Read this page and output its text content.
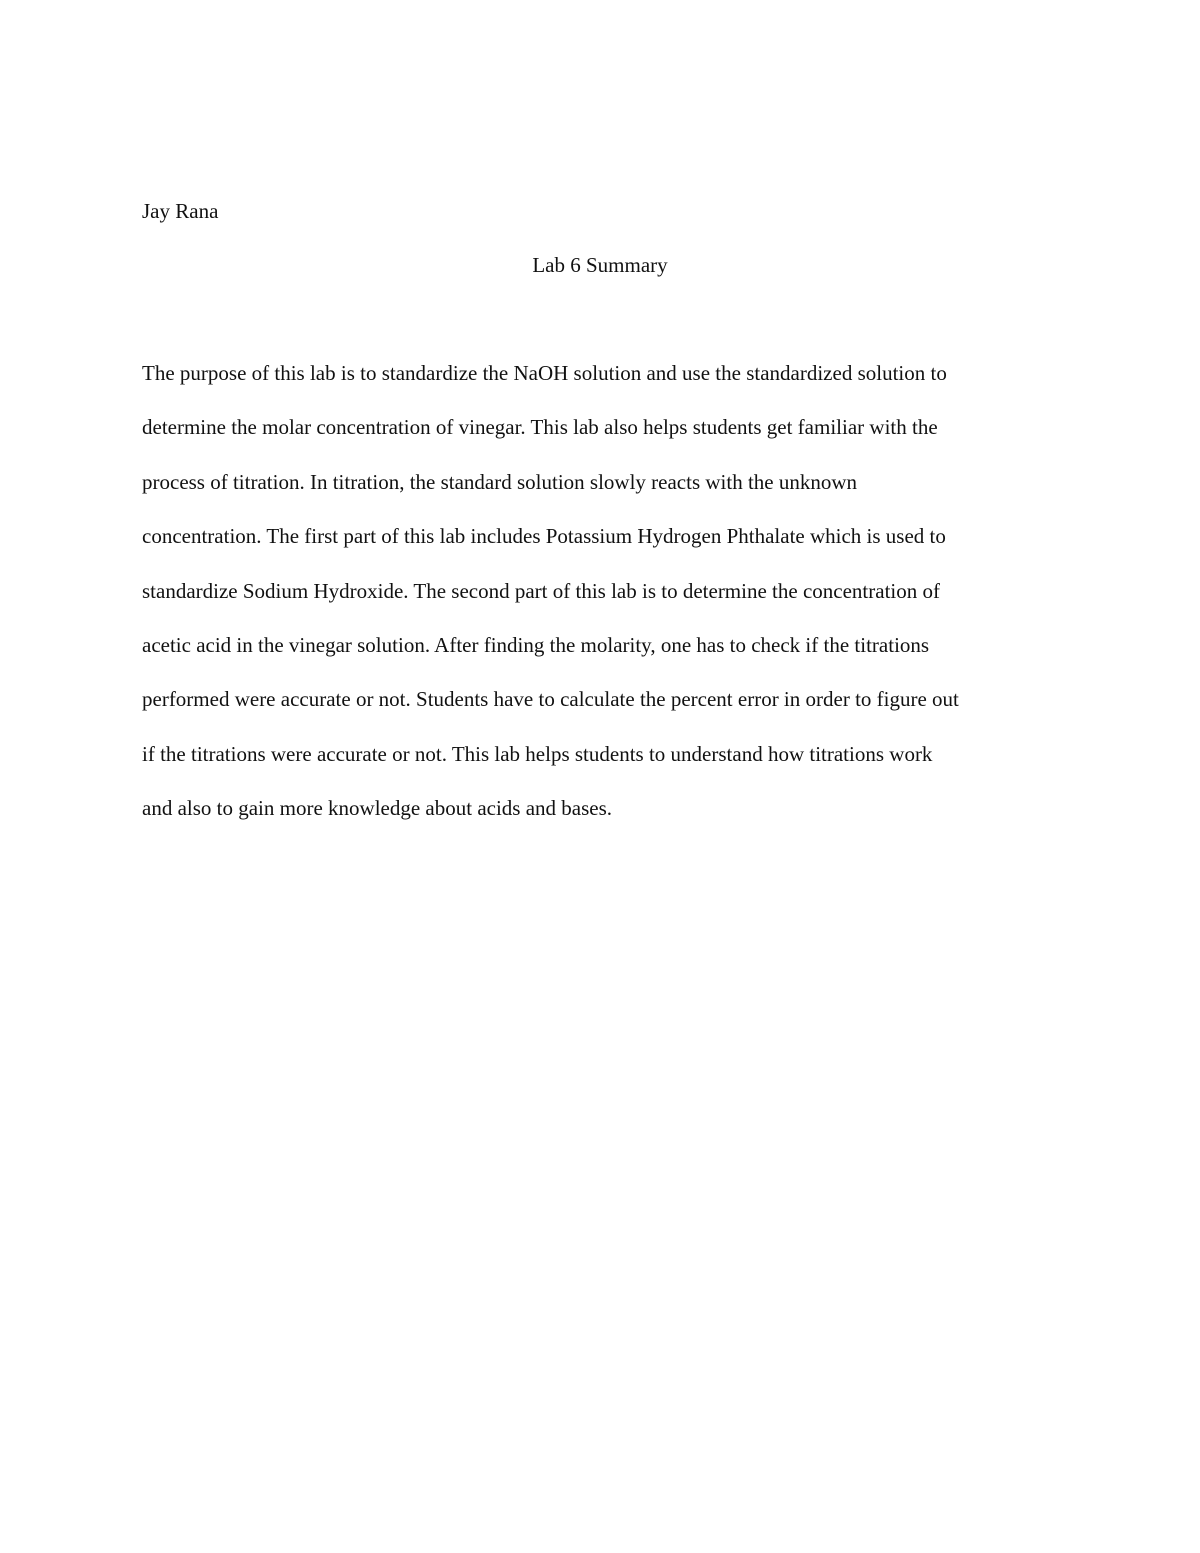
Jay Rana
Lab 6 Summary
The purpose of this lab is to standardize the NaOH solution and use the standardized solution to
determine the molar concentration of vinegar. This lab also helps students get familiar with the
process of titration. In titration, the standard solution slowly reacts with the unknown
concentration. The first part of this lab includes Potassium Hydrogen Phthalate which is used to
standardize Sodium Hydroxide. The second part of this lab is to determine the concentration of
acetic acid in the vinegar solution. After finding the molarity, one has to check if the titrations
performed were accurate or not. Students have to calculate the percent error in order to figure out
if the titrations were accurate or not. This lab helps students to understand how titrations work
and also to gain more knowledge about acids and bases.
